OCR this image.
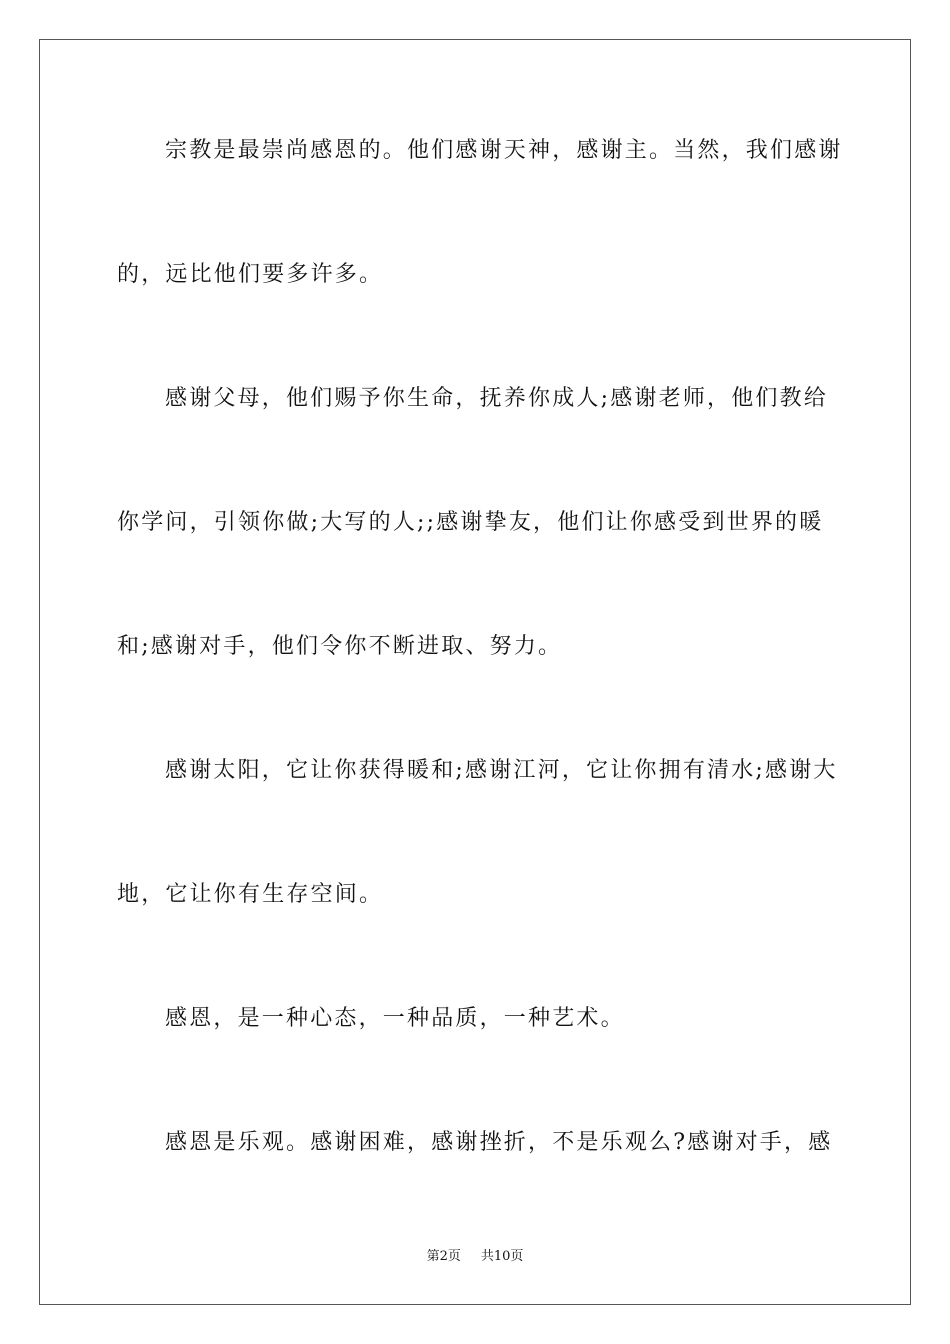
宗教是最崇尚感恩的。他们感谢天神，感谢主。当然，我们感谢
的，远比他们要多许多。
感谢父母，他们赐予你生命，抚养你成人;感谢老师，他们教给
你学问，引领你做;大写的人;;感谢挚友，他们让你感受到世界的暖
和;感谢对手，他们令你不断进取、努力。
感谢太阳，它让你获得暖和;感谢江河，它让你拥有清水;感谢大
地，它让你有生存空间。
感恩，是一种心态，一种品质，一种艺术。
感恩是乐观。感谢困难，感谢挫折，不是乐观么?感谢对手，感
第2页 共10页
